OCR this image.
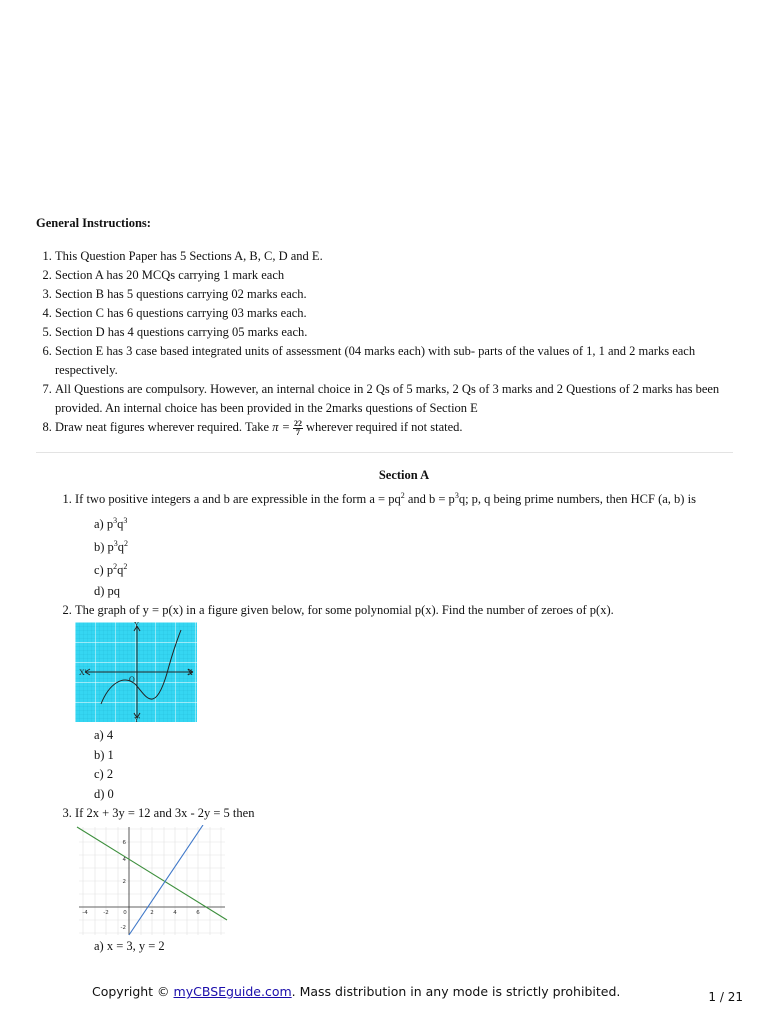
General Instructions:
1. This Question Paper has 5 Sections A, B, C, D and E.
2. Section A has 20 MCQs carrying 1 mark each
3. Section B has 5 questions carrying 02 marks each.
4. Section C has 6 questions carrying 03 marks each.
5. Section D has 4 questions carrying 05 marks each.
6. Section E has 3 case based integrated units of assessment (04 marks each) with sub- parts of the values of 1, 1 and 2 marks each respectively.
7. All Questions are compulsory. However, an internal choice in 2 Qs of 5 marks, 2 Qs of 3 marks and 2 Questions of 2 marks has been provided. An internal choice has been provided in the 2marks questions of Section E
8. Draw neat figures wherever required. Take $\pi = \frac{22}{7}$ wherever required if not stated.
Section A
1. If two positive integers a and b are expressible in the form $a = pq^2$ and $b = p^3q$; p, q being prime numbers, then HCF (a, b) is
a) $p^3q^3$
b) $p^3q^2$
c) $p^2q^2$
d) pq
2. The graph of y = p(x) in a figure given below, for some polynomial p(x). Find the number of zeroes of p(x).
X'	X
Y
Y'
O
a) 4
b) 1
c) 2
d) 0
3. If 2x + 3y = 12 and 3x - 2y = 5 then
-4	-2	0	2	4	6
6
4
2
-2
a) x = 3, y = 2
Copyright © myCBSEguide.com. Mass distribution in any mode is strictly prohibited.	1 / 21
